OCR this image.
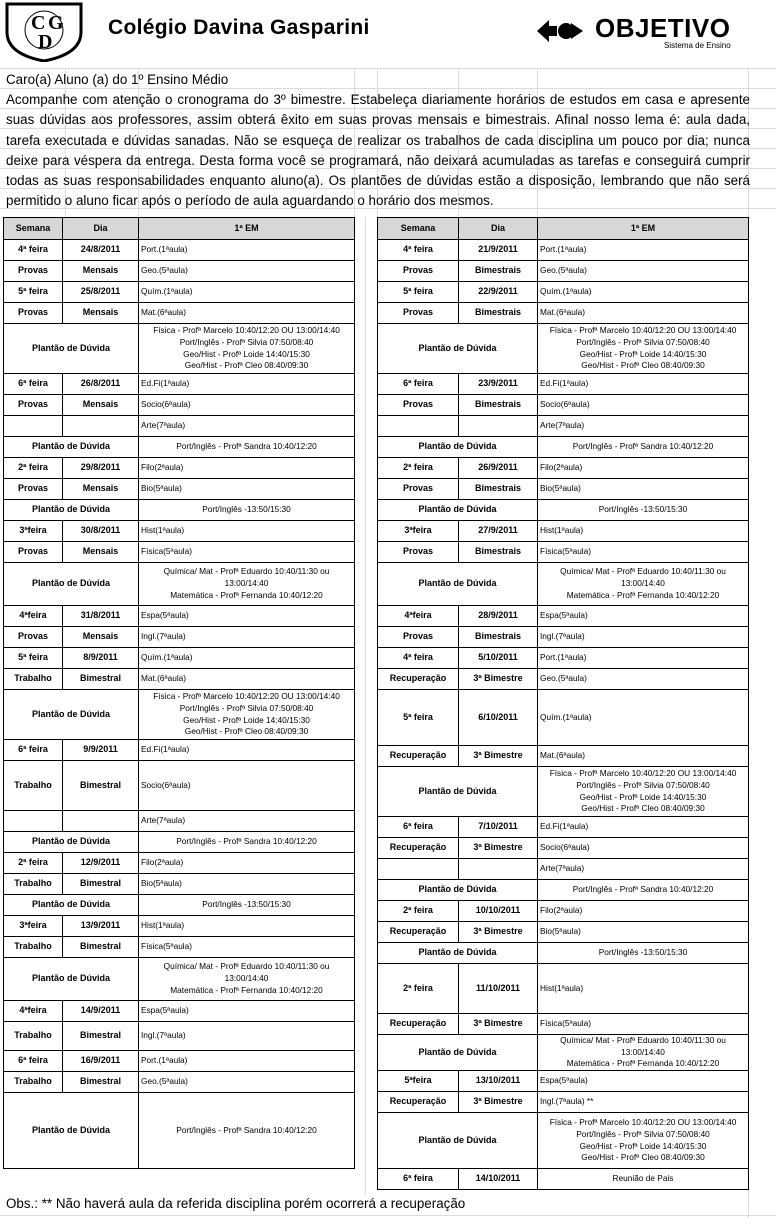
C G
D
Colégio Davina Gasparini	OBJETIVO
Sistema de Ensino

Caro(a) Aluno (a) do 1º Ensino Médio

Acompanhe com atenção o cronograma do 3º bimestre. Estabeleça diariamente horários de estudos em casa e apresente suas dúvidas aos professores, assim obterá êxito em suas provas mensais e bimestrais. Afinal nosso lema é: aula dada, tarefa executada e dúvidas sanadas. Não se esqueça de realizar os trabalhos de cada disciplina um pouco por dia; nunca deixe para véspera da entrega. Desta forma você se programará, não deixará acumuladas as tarefas e conseguirá cumprir todas as suas responsabilidades enquanto aluno(a). Os plantões de dúvidas estão a disposição, lembrando que não será permitido o aluno ficar após o período de aula aguardando o horário dos mesmos.

Semana	Dia	1ª EM
4ª feira	24/8/2011	Port.(1ªaula)
Provas	Mensais	Geo.(5ªaula)
5ª feira	25/8/2011	Quím.(1ªaula)
Provas	Mensais	Mat.(6ªaula)
Plantão de Dúvida		Física - Profª Marcelo 10:40/12:20 OU 13:00/14:40
Port/Inglês - Profª Silvia 07:50/08:40
Geo/Hist - Profª Loide 14:40/15:30
Geo/Hist - Profª Cleo 08:40/09:30
6ª feira	26/8/2011	Ed.Fi(1ªaula)
Provas	Mensais	Socio(6ªaula)
		Arte(7ªaula)
Plantão de Dúvida		Port/Inglês - Profª Sandra 10:40/12:20
2ª feira	29/8/2011	Filo(2ªaula)
Provas	Mensais	Bio(5ªaula)
Plantão de Dúvida		Port/Inglês -13:50/15:30
3ªfeira	30/8/2011	Hist(1ªaula)
Provas	Mensais	Física(5ªaula)
Plantão de Dúvida		Química/ Mat - Profª Eduardo 10:40/11:30 ou
13:00/14:40
Matemática - Profª Fernanda 10:40/12:20
4ªfeira	31/8/2011	Espa(5ªaula)
Provas	Mensais	Ingl.(7ªaula)
5ª feira	8/9/2011	Quím.(1ªaula)
Trabalho	Bimestral	Mat.(6ªaula)
Plantão de Dúvida		Física - Profª Marcelo 10:40/12:20 OU 13:00/14:40
Port/Inglês - Profª Silvia 07:50/08:40
Geo/Hist - Profª Loide 14:40/15:30
Geo/Hist - Profª Cleo 08:40/09:30
6ª feira	9/9/2011	Ed.Fi(1ªaula)
Trabalho	Bimestral	Socio(6ªaula)
		Arte(7ªaula)
Plantão de Dúvida		Port/Inglês - Profª Sandra 10:40/12:20
2ª feira	12/9/2011	Filo(2ªaula)
Trabalho	Bimestral	Bio(5ªaula)
Plantão de Dúvida		Port/Inglês -13:50/15:30
3ªfeira	13/9/2011	Hist(1ªaula)
Trabalho	Bimestral	Física(5ªaula)
Plantão de Dúvida		Química/ Mat - Profª Eduardo 10:40/11:30 ou
13:00/14:40
Matemática - Profª Fernanda 10:40/12:20
4ªfeira	14/9/2011	Espa(5ªaula)
Trabalho	Bimestral	Ingl.(7ªaula)
6ª feira	16/9/2011	Port.(1ªaula)
Trabalho	Bimestral	Geo.(5ªaula)
Plantão de Dúvida		Port/Inglês - Profª Sandra 10:40/12:20
Semana	Dia	1ª EM
4ª feira	21/9/2011	Port.(1ªaula)
Provas	Bimestrais	Geo.(5ªaula)
5ª feira	22/9/2011	Quím.(1ªaula)
Provas	Bimestrais	Mat.(6ªaula)
Plantão de Dúvida		Física - Profª Marcelo 10:40/12:20 OU 13:00/14:40
Port/Inglês - Profª Silvia 07:50/08:40
Geo/Hist - Profª Loide 14:40/15:30
Geo/Hist - Profª Cleo 08:40/09:30
6ª feira	23/9/2011	Ed.Fi(1ªaula)
Provas	Bimestrais	Socio(6ªaula)
		Arte(7ªaula)
Plantão de Dúvida		Port/Inglês - Profª Sandra 10:40/12:20
2ª feira	26/9/2011	Filo(2ªaula)
Provas	Bimestrais	Bio(5ªaula)
Plantão de Dúvida		Port/Inglês -13:50/15:30
3ªfeira	27/9/2011	Hist(1ªaula)
Provas	Bimestrais	Física(5ªaula)
Plantão de Dúvida		Química/ Mat - Profª Eduardo 10:40/11:30 ou
13:00/14:40
Matemática - Profª Fernanda 10:40/12:20
4ªfeira	28/9/2011	Espa(5ªaula)
Provas	Bimestrais	Ingl.(7ªaula)
4ª feira	5/10/2011	Port.(1ªaula)
Recuperação	3ª Bimestre	Geo.(5ªaula)
5ª feira	6/10/2011	Quím.(1ªaula)
Recuperação	3ª Bimestre	Mat.(6ªaula)
Plantão de Dúvida		Física - Profª Marcelo 10:40/12:20 OU 13:00/14:40
Port/Inglês - Profª Silvia 07:50/08:40
Geo/Hist - Profª Loide 14:40/15:30
Geo/Hist - Profª Cleo 08:40/09:30
6ª feira	7/10/2011	Ed.Fi(1ªaula)
Recuperação	3ª Bimestre	Socio(6ªaula)
		Arte(7ªaula)
Plantão de Dúvida		Port/Inglês - Profª Sandra 10:40/12:20
2ª feira	10/10/2011	Filo(2ªaula)
Recuperação	3ª Bimestre	Bio(5ªaula)
Plantão de Dúvida		Port/Inglês -13:50/15:30
2ª feira	11/10/2011	Hist(1ªaula)
Recuperação	3ª Bimestre	Física(5ªaula)
Plantão de Dúvida		Química/ Mat - Profª Eduardo 10:40/11:30 ou
13:00/14:40
Matemática - Profª Fernanda 10:40/12:20
5ªfeira	13/10/2011	Espa(5ªaula)
Recuperação	3ª Bimestre	Ingl.(7ªaula) **
Plantão de Dúvida		Física - Profª Marcelo 10:40/12:20 OU 13:00/14:40
Port/Inglês - Profª Silvia 07:50/08:40
Geo/Hist - Profª Loide 14:40/15:30
Geo/Hist - Profª Cleo 08:40/09:30
6ª feira	14/10/2011	Reunião de Pais
Obs.: ** Não haverá aula da referida disciplina porém ocorrerá a recuperação
